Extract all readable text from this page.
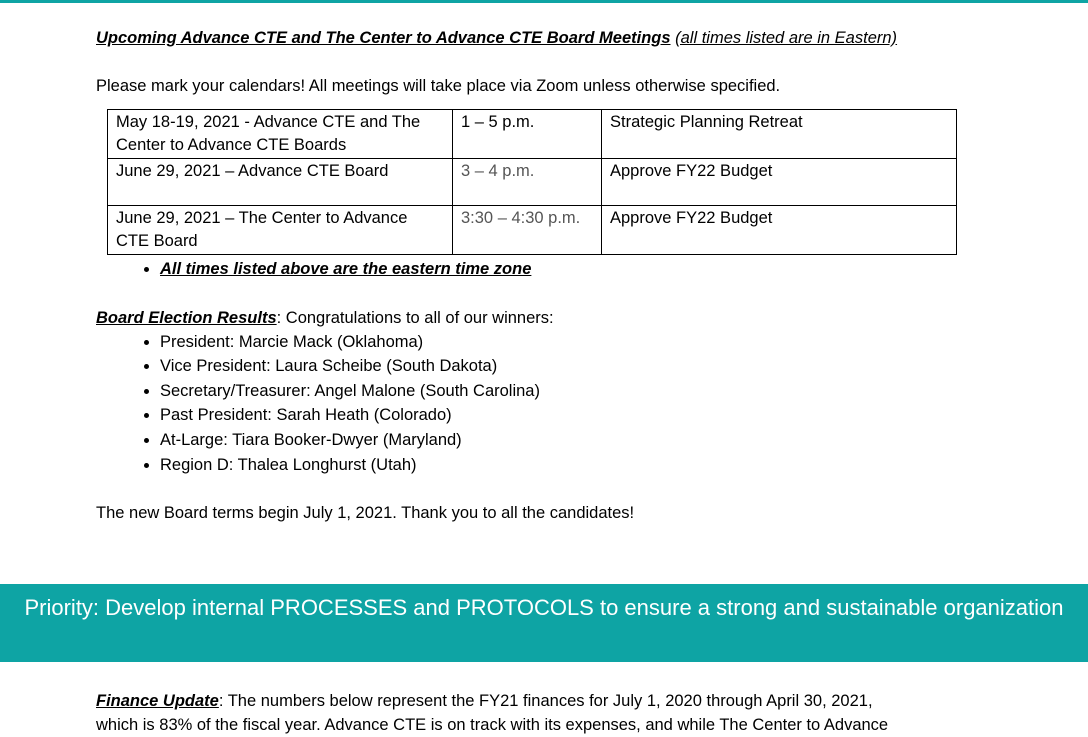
Upcoming Advance CTE and The Center to Advance CTE Board Meetings (all times listed are in Eastern)

Please mark your calendars! All meetings will take place via Zoom unless otherwise specified.

May 18-19, 2021 - Advance CTE and The Center to Advance CTE Boards	1 – 5 p.m.	Strategic Planning Retreat
June 29, 2021 – Advance CTE Board	3 – 4 p.m.	Approve FY22 Budget
June 29, 2021 – The Center to Advance CTE Board	3:30 – 4:30 p.m.	Approve FY22 Budget
• All times listed above are the eastern time zone

Board Election Results: Congratulations to all of our winners:

• President: Marcie Mack (Oklahoma)
• Vice President: Laura Scheibe (South Dakota)
• Secretary/Treasurer: Angel Malone (South Carolina)
• Past President: Sarah Heath (Colorado)
• At-Large: Tiara Booker-Dwyer (Maryland)
• Region D: Thalea Longhurst (Utah)

The new Board terms begin July 1, 2021. Thank you to all the candidates!

Priority: Develop internal PROCESSES and PROTOCOLS to ensure a strong and sustainable organization

Finance Update: The numbers below represent the FY21 finances for July 1, 2020 through April 30, 2021,

which is 83% of the fiscal year. Advance CTE is on track with its expenses, and while The Center to Advance
